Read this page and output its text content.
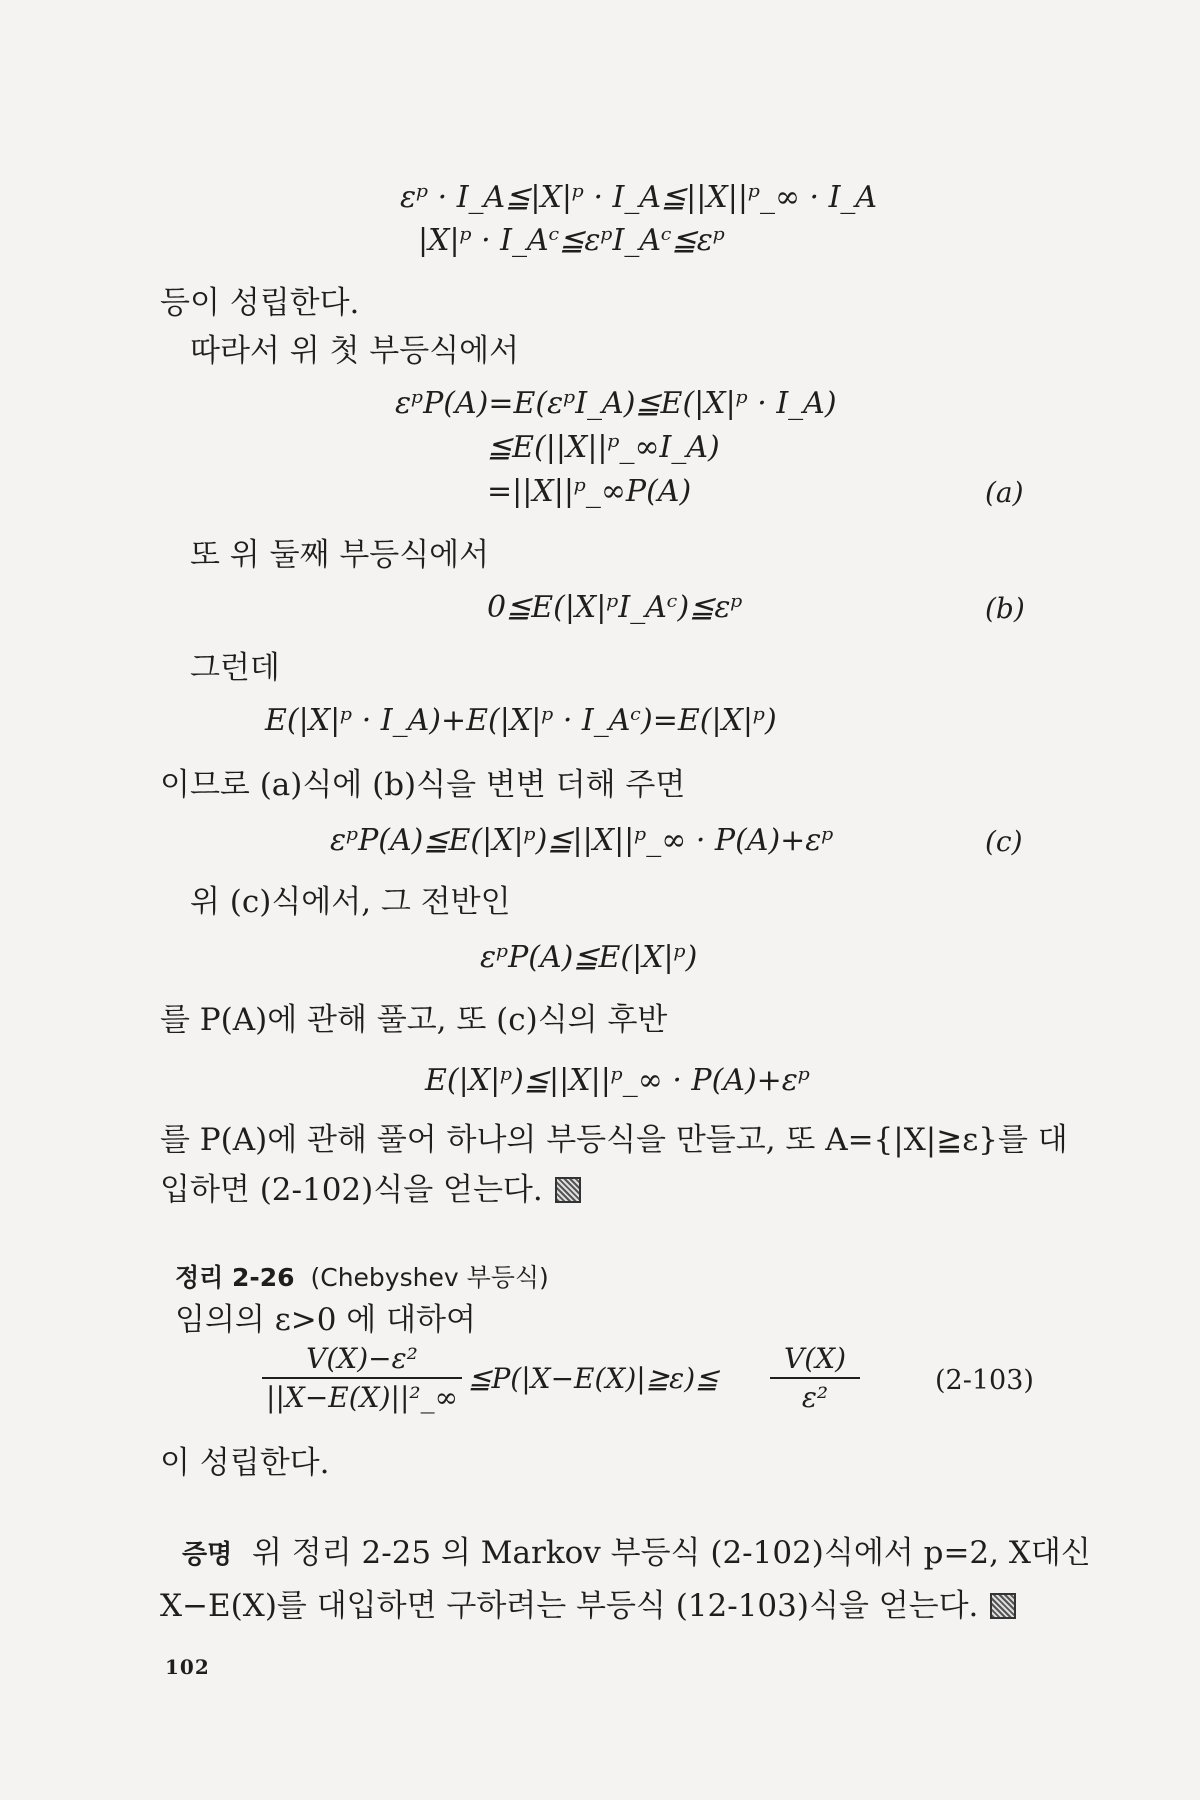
εᵖ · I_A≦|X|ᵖ · I_A≦||X||ᵖ_∞ · I_A
|X|ᵖ · I_Aᶜ≦εᵖI_Aᶜ≦εᵖ
등이 성립한다.
따라서 위 첫 부등식에서
εᵖP(A)=E(εᵖI_A)≦E(|X|ᵖ · I_A)
≦E(||X||ᵖ_∞I_A)
=||X||ᵖ_∞P(A)	(a)
또 위 둘째 부등식에서
0≦E(|X|ᵖI_Aᶜ)≦εᵖ	(b)
그런데
E(|X|ᵖ · I_A)+E(|X|ᵖ · I_Aᶜ)=E(|X|ᵖ)
이므로 (a)식에 (b)식을 변변 더해 주면
εᵖP(A)≦E(|X|ᵖ)≦||X||ᵖ_∞ · P(A)+εᵖ	(c)
위 (c)식에서, 그 전반인
εᵖP(A)≦E(|X|ᵖ)
를 P(A)에 관해 풀고, 또 (c)식의 후반
E(|X|ᵖ)≦||X||ᵖ_∞ · P(A)+εᵖ
를 P(A)에 관해 풀어 하나의 부등식을 만들고, 또 A={|X|≧ε}를 대
입하면 (2-102)식을 얻는다.
정리 2-26 (Chebyshev 부등식)
임의의 ε>0 에 대하여
$\frac{\text{V(X)−ε²}}{\text{||X−E(X)||²\_∞}}$ ≦P(|X−E(X)|≧ε)≦ $\frac{V(X)}{\text{ε²}}$	(2-103)
이 성립한다.
증명 위 정리 2-25 의 Markov 부등식 (2-102)식에서 p=2, X대신
X−E(X)를 대입하면 구하려는 부등식 (12-103)식을 얻는다.
102
